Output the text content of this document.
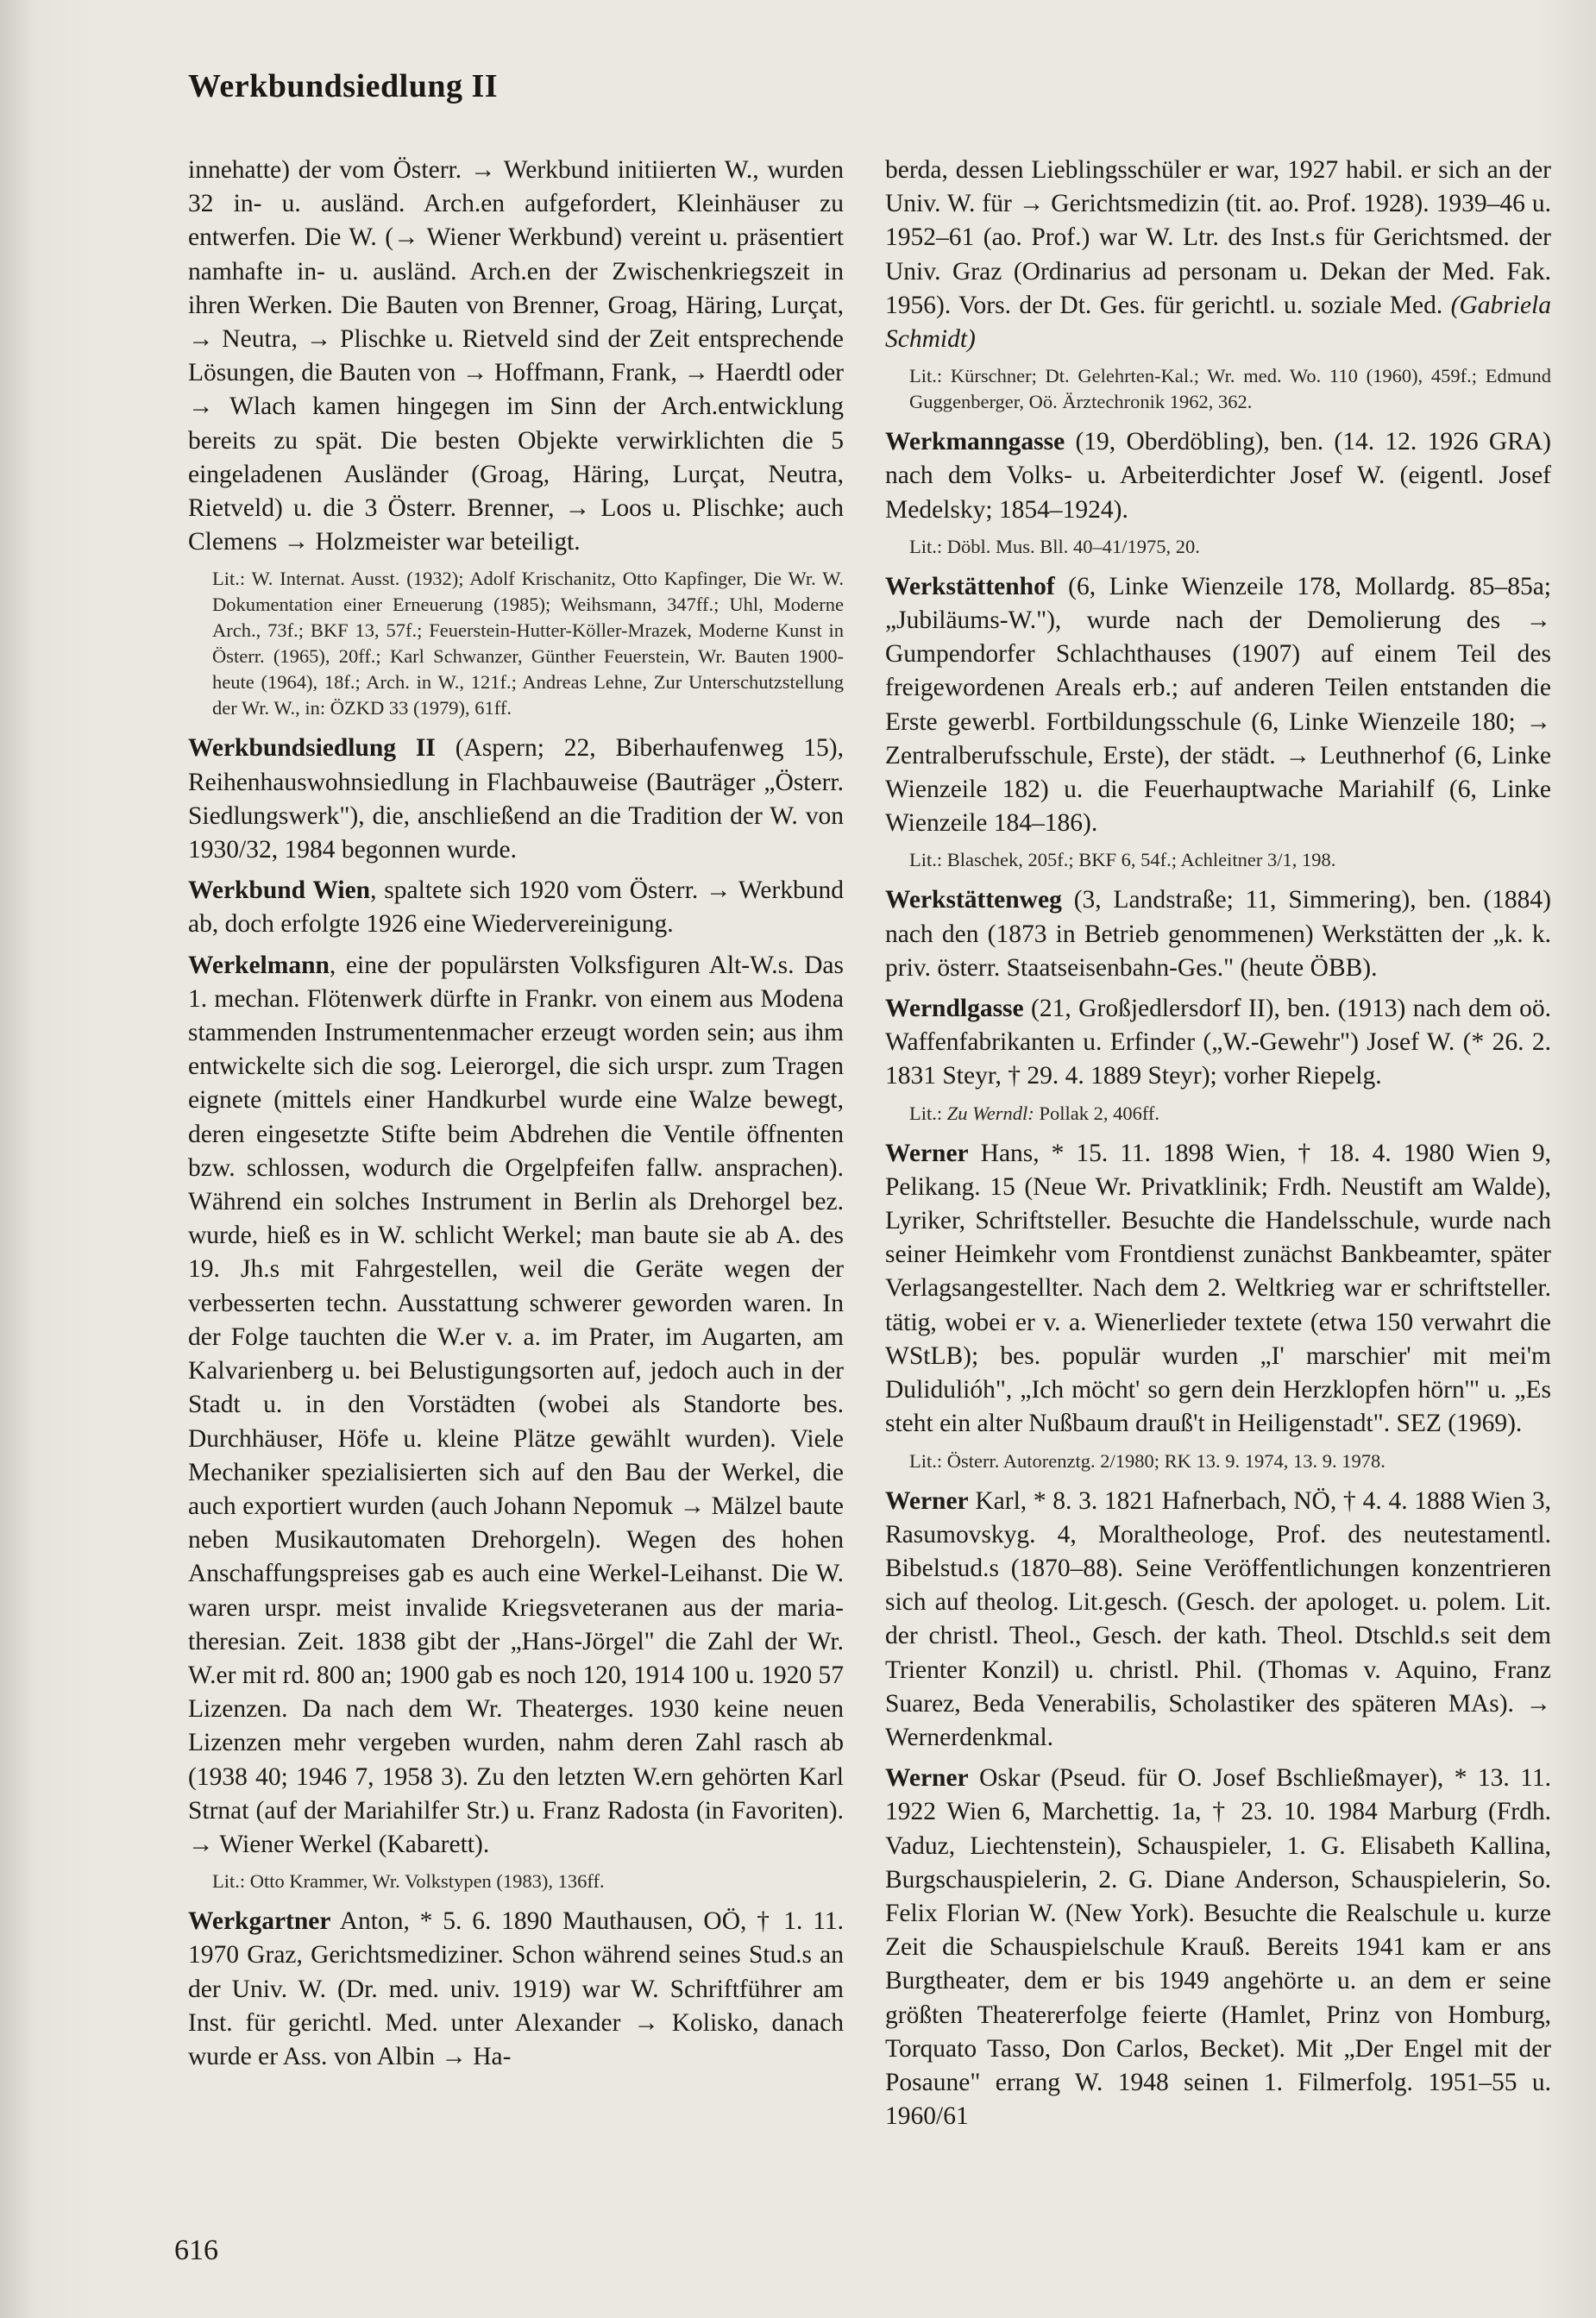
Werkbundsiedlung II

innehatte) der vom Österr. → Werkbund initiierten W., wurden 32 in- u. ausländ. Arch.en aufgefordert, Kleinhäuser zu entwerfen. Die W. (→ Wiener Werkbund) vereint u. präsentiert namhafte in- u. ausländ. Arch.en der Zwischenkriegszeit in ihren Werken. Die Bauten von Brenner, Groag, Häring, Lurçat, → Neutra, → Plischke u. Rietveld sind der Zeit entsprechende Lösungen, die Bauten von → Hoffmann, Frank, → Haerdtl oder → Wlach kamen hingegen im Sinn der Arch.entwicklung bereits zu spät. Die besten Objekte verwirklichten die 5 eingeladenen Ausländer (Groag, Häring, Lurçat, Neutra, Rietveld) u. die 3 Österr. Brenner, → Loos u. Plischke; auch Clemens → Holzmeister war beteiligt.

Lit.: W. Internat. Ausst. (1932); Adolf Krischanitz, Otto Kapfinger, Die Wr. W. Dokumentation einer Erneuerung (1985); Weihsmann, 347ff.; Uhl, Moderne Arch., 73f.; BKF 13, 57f.; Feuerstein-Hutter-Köller-Mrazek, Moderne Kunst in Österr. (1965), 20ff.; Karl Schwanzer, Günther Feuerstein, Wr. Bauten 1900-heute (1964), 18f.; Arch. in W., 121f.; Andreas Lehne, Zur Unterschutzstellung der Wr. W., in: ÖZKD 33 (1979), 61ff.

Werkbundsiedlung II (Aspern; 22, Biberhaufenweg 15), Reihenhauswohnsiedlung in Flachbauweise (Bauträger „Österr. Siedlungswerk"), die, anschließend an die Tradition der W. von 1930/32, 1984 begonnen wurde.

Werkbund Wien, spaltete sich 1920 vom Österr. → Werkbund ab, doch erfolgte 1926 eine Wiedervereinigung.

Werkelmann, eine der populärsten Volksfiguren Alt-W.s. Das 1. mechan. Flötenwerk dürfte in Frankr. von einem aus Modena stammenden Instrumentenmacher erzeugt worden sein; aus ihm entwickelte sich die sog. Leierorgel, die sich urspr. zum Tragen eignete (mittels einer Handkurbel wurde eine Walze bewegt, deren eingesetzte Stifte beim Abdrehen die Ventile öffnenten bzw. schlossen, wodurch die Orgelpfeifen fallw. ansprachen). Während ein solches Instrument in Berlin als Drehorgel bez. wurde, hieß es in W. schlicht Werkel; man baute sie ab A. des 19. Jh.s mit Fahrgestellen, weil die Geräte wegen der verbesserten techn. Ausstattung schwerer geworden waren. In der Folge tauchten die W.er v. a. im Prater, im Augarten, am Kalvarienberg u. bei Belustigungsorten auf, jedoch auch in der Stadt u. in den Vorstädten (wobei als Standorte bes. Durchhäuser, Höfe u. kleine Plätze gewählt wurden). Viele Mechaniker spezialisierten sich auf den Bau der Werkel, die auch exportiert wurden (auch Johann Nepomuk → Mälzel baute neben Musikautomaten Drehorgeln). Wegen des hohen Anschaffungspreises gab es auch eine Werkel-Leihanst. Die W. waren urspr. meist invalide Kriegsveteranen aus der maria-theresian. Zeit. 1838 gibt der „Hans-Jörgel" die Zahl der Wr. W.er mit rd. 800 an; 1900 gab es noch 120, 1914 100 u. 1920 57 Lizenzen. Da nach dem Wr. Theaterges. 1930 keine neuen Lizenzen mehr vergeben wurden, nahm deren Zahl rasch ab (1938 40; 1946 7, 1958 3). Zu den letzten W.ern gehörten Karl Strnat (auf der Mariahilfer Str.) u. Franz Radosta (in Favoriten). → Wiener Werkel (Kabarett).

Lit.: Otto Krammer, Wr. Volkstypen (1983), 136ff.

Werkgartner Anton, * 5. 6. 1890 Mauthausen, OÖ, † 1. 11. 1970 Graz, Gerichtsmediziner. Schon während seines Stud.s an der Univ. W. (Dr. med. univ. 1919) war W. Schriftführer am Inst. für gerichtl. Med. unter Alexander → Kolisko, danach wurde er Ass. von Albin → Ha-

berda, dessen Lieblingsschüler er war, 1927 habil. er sich an der Univ. W. für → Gerichtsmedizin (tit. ao. Prof. 1928). 1939–46 u. 1952–61 (ao. Prof.) war W. Ltr. des Inst.s für Gerichtsmed. der Univ. Graz (Ordinarius ad personam u. Dekan der Med. Fak. 1956). Vors. der Dt. Ges. für gerichtl. u. soziale Med. (Gabriela Schmidt)

Lit.: Kürschner; Dt. Gelehrten-Kal.; Wr. med. Wo. 110 (1960), 459f.; Edmund Guggenberger, Oö. Ärztechronik 1962, 362.

Werkmanngasse (19, Oberdöbling), ben. (14. 12. 1926 GRA) nach dem Volks- u. Arbeiterdichter Josef W. (eigentl. Josef Medelsky; 1854–1924).

Lit.: Döbl. Mus. Bll. 40–41/1975, 20.

Werkstättenhof (6, Linke Wienzeile 178, Mollardg. 85–85a; „Jubiläums-W."), wurde nach der Demolierung des → Gumpendorfer Schlachthauses (1907) auf einem Teil des freigewordenen Areals erb.; auf anderen Teilen entstanden die Erste gewerbl. Fortbildungsschule (6, Linke Wienzeile 180; → Zentralberufsschule, Erste), der städt. → Leuthnerhof (6, Linke Wienzeile 182) u. die Feuerhauptwache Mariahilf (6, Linke Wienzeile 184–186).

Lit.: Blaschek, 205f.; BKF 6, 54f.; Achleitner 3/1, 198.

Werkstättenweg (3, Landstraße; 11, Simmering), ben. (1884) nach den (1873 in Betrieb genommenen) Werkstätten der „k. k. priv. österr. Staatseisenbahn-Ges." (heute ÖBB).

Werndlgasse (21, Großjedlersdorf II), ben. (1913) nach dem oö. Waffenfabrikanten u. Erfinder („W.-Gewehr") Josef W. (* 26. 2. 1831 Steyr, † 29. 4. 1889 Steyr); vorher Riepelg.

Lit.: Zu Werndl: Pollak 2, 406ff.

Werner Hans, * 15. 11. 1898 Wien, † 18. 4. 1980 Wien 9, Pelikang. 15 (Neue Wr. Privatklinik; Frdh. Neustift am Walde), Lyriker, Schriftsteller. Besuchte die Handelsschule, wurde nach seiner Heimkehr vom Frontdienst zunächst Bankbeamter, später Verlagsangestellter. Nach dem 2. Weltkrieg war er schriftsteller. tätig, wobei er v. a. Wienerlieder textete (etwa 150 verwahrt die WStLB); bes. populär wurden „I' marschier' mit mei'm Dulidulióh", „Ich möcht' so gern dein Herzklopfen hörn'" u. „Es steht ein alter Nußbaum drauß't in Heiligenstadt". SEZ (1969).

Lit.: Österr. Autorenztg. 2/1980; RK 13. 9. 1974, 13. 9. 1978.

Werner Karl, * 8. 3. 1821 Hafnerbach, NÖ, † 4. 4. 1888 Wien 3, Rasumovskyg. 4, Moraltheologe, Prof. des neutestamentl. Bibelstud.s (1870–88). Seine Veröffentlichungen konzentrieren sich auf theolog. Lit.gesch. (Gesch. der apologet. u. polem. Lit. der christl. Theol., Gesch. der kath. Theol. Dtschld.s seit dem Trienter Konzil) u. christl. Phil. (Thomas v. Aquino, Franz Suarez, Beda Venerabilis, Scholastiker des späteren MAs). → Wernerdenkmal.

Werner Oskar (Pseud. für O. Josef Bschließmayer), * 13. 11. 1922 Wien 6, Marchettig. 1a, † 23. 10. 1984 Marburg (Frdh. Vaduz, Liechtenstein), Schauspieler, 1. G. Elisabeth Kallina, Burgschauspielerin, 2. G. Diane Anderson, Schauspielerin, So. Felix Florian W. (New York). Besuchte die Realschule u. kurze Zeit die Schauspielschule Krauß. Bereits 1941 kam er ans Burgtheater, dem er bis 1949 angehörte u. an dem er seine größten Theatererfolge feierte (Hamlet, Prinz von Homburg, Torquato Tasso, Don Carlos, Becket). Mit „Der Engel mit der Posaune" errang W. 1948 seinen 1. Filmerfolg. 1951–55 u. 1960/61

616
